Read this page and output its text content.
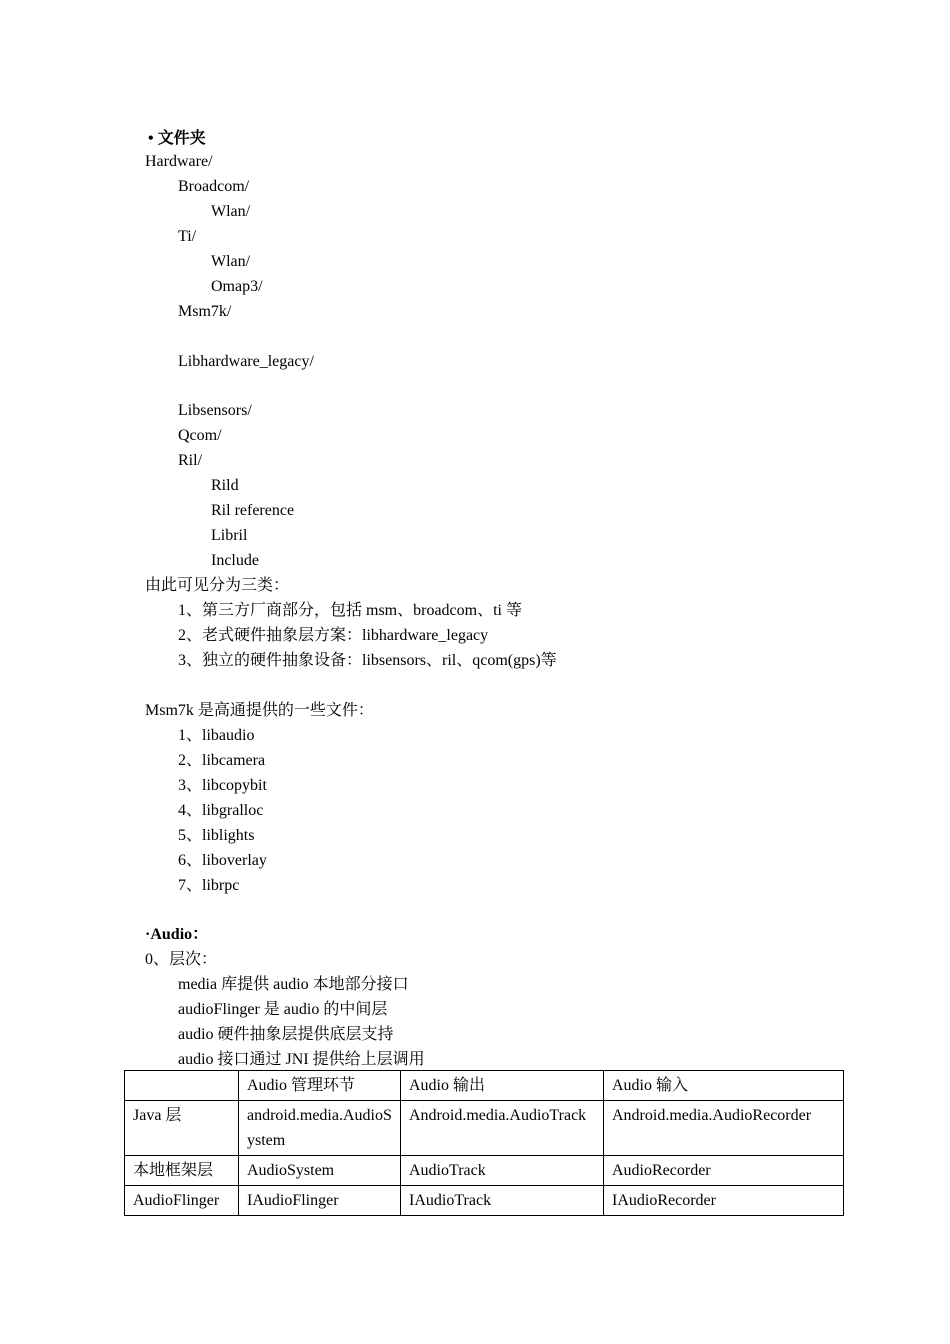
• 文件夹
Hardware/
Broadcom/
Wlan/
Ti/
Wlan/
Omap3/
Msm7k/
Libhardware_legacy/
Libsensors/
Qcom/
Ril/
Rild
Ril reference
Libril
Include
由此可见分为三类：
1、第三方厂商部分，包括 msm、broadcom、ti 等
2、老式硬件抽象层方案：libhardware_legacy
3、独立的硬件抽象设备：libsensors、ril、qcom(gps)等
Msm7k 是高通提供的一些文件：
1、libaudio
2、libcamera
3、libcopybit
4、libgralloc
5、liblights
6、liboverlay
7、librpc
·Audio：
0、层次：
media 库提供 audio 本地部分接口
audioFlinger 是 audio 的中间层
audio 硬件抽象层提供底层支持
audio 接口通过 JNI 提供给上层调用
	Audio 管理环节	Audio 输出	Audio 输入
Java 层	android.media.AudioSystem	Android.media.AudioTrack	Android.media.AudioRecorder
本地框架层	AudioSystem	AudioTrack	AudioRecorder
AudioFlinger	IAudioFlinger	IAudioTrack	IAudioRecorder
